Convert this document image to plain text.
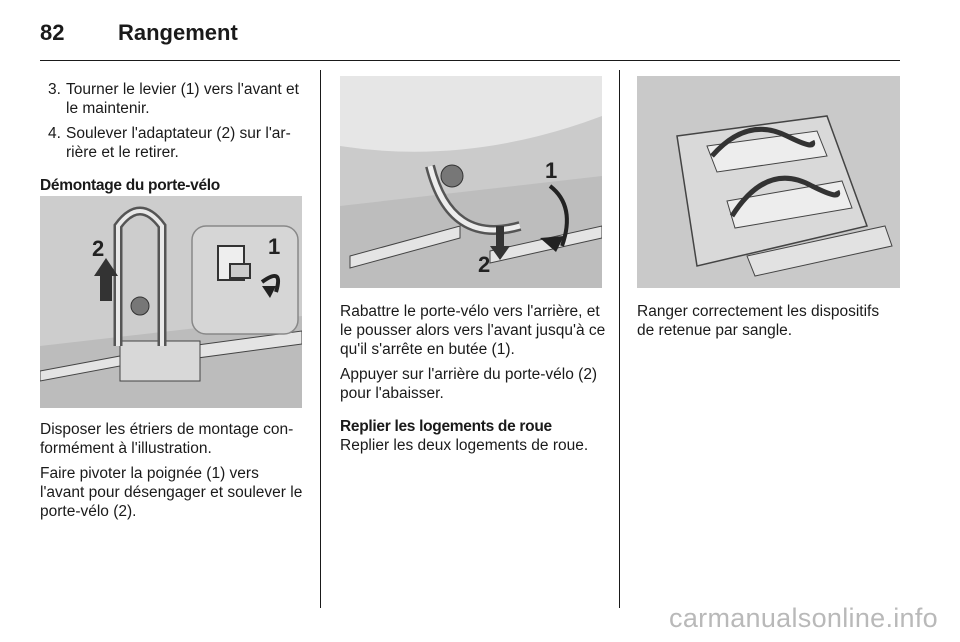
82 Rangement
3. Tourner le levier (1) vers l'avant et le maintenir.
4. Soulever l'adaptateur (2) sur l'ar-rière et le retirer.

Démontage du porte-vélo

1
2

Disposer les étriers de montage con-formément à l'illustration.

Faire pivoter la poignée (1) vers l'avant pour désengager et soulever le porte-vélo (2).

1
2

Rabattre le porte-vélo vers l'arrière, et le pousser alors vers l'avant jusqu'à ce qu'il s'arrête en butée (1).

Appuyer sur l'arrière du porte-vélo (2) pour l'abaisser.

Replier les logements de roue

Replier les deux logements de roue.

Ranger correctement les dispositifs de retenue par sangle.

carmanualsonline.info
